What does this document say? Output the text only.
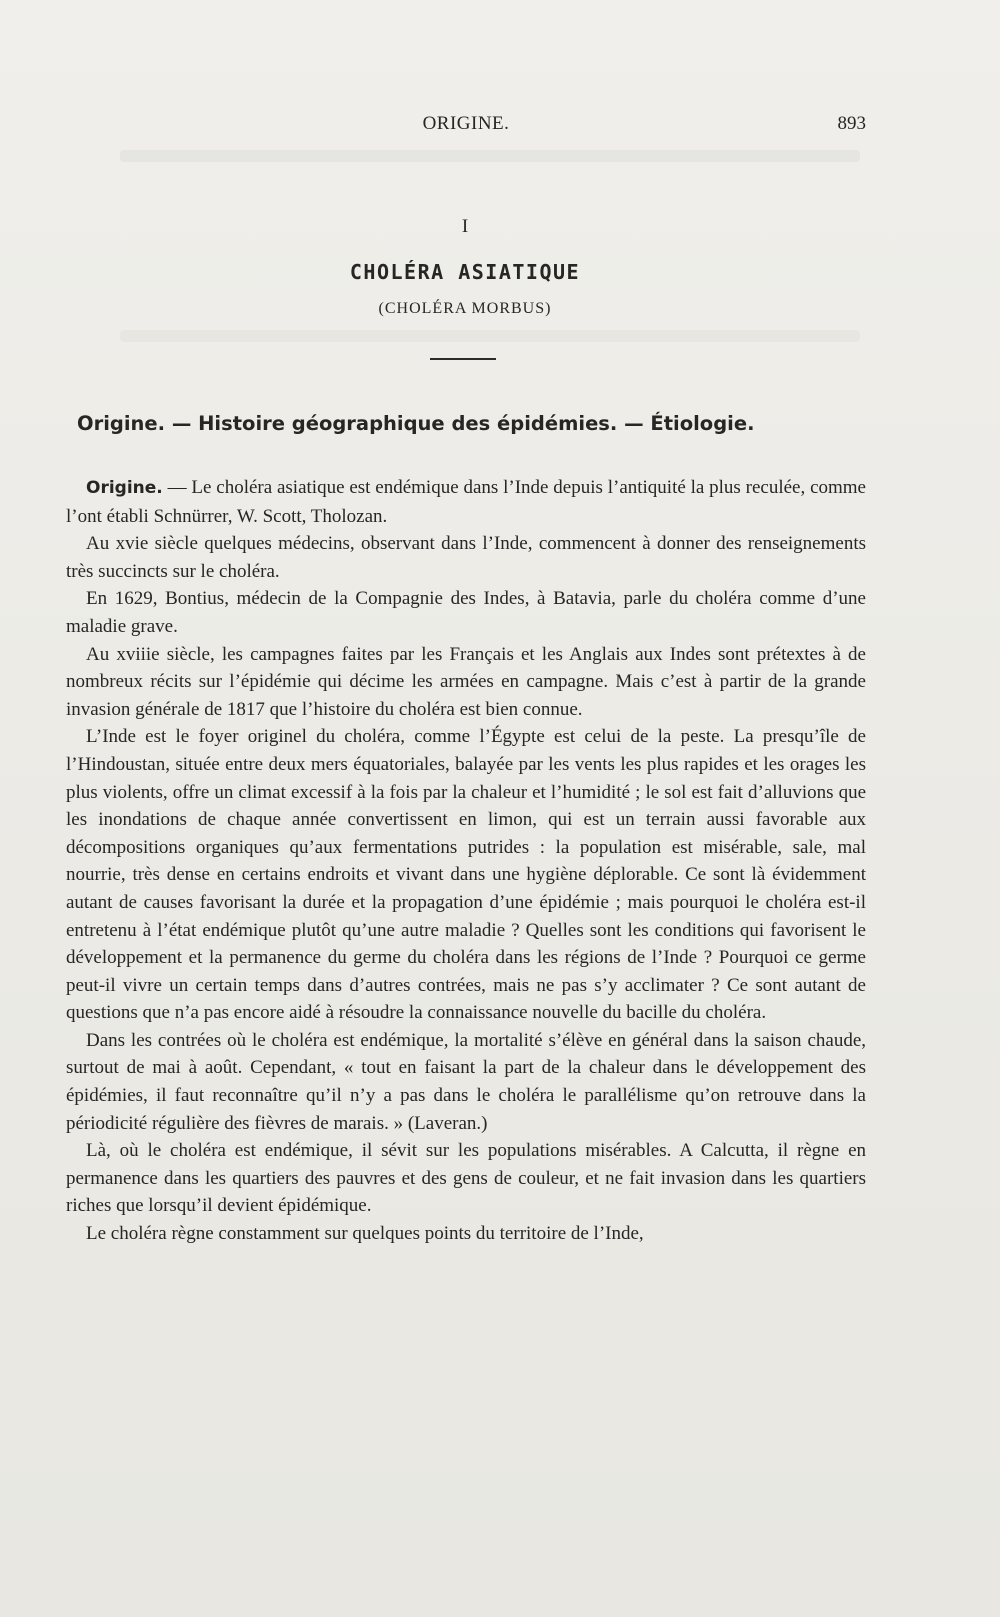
ORIGINE.	893
I
CHOLÉRA ASIATIQUE
(CHOLÉRA MORBUS)
Origine. — Histoire géographique des épidémies. — Étiologie.

Origine. — Le choléra asiatique est endémique dans l’Inde depuis l’antiquité la plus reculée, comme l’ont établi Schnürrer, W. Scott, Tholozan.

Au xvie siècle quelques médecins, observant dans l’Inde, commencent à donner des renseignements très succincts sur le choléra.

En 1629, Bontius, médecin de la Compagnie des Indes, à Batavia, parle du choléra comme d’une maladie grave.

Au xviiie siècle, les campagnes faites par les Français et les Anglais aux Indes sont prétextes à de nombreux récits sur l’épidémie qui décime les armées en campagne. Mais c’est à partir de la grande invasion générale de 1817 que l’histoire du choléra est bien connue.

L’Inde est le foyer originel du choléra, comme l’Égypte est celui de la peste. La presqu’île de l’Hindoustan, située entre deux mers équatoriales, balayée par les vents les plus rapides et les orages les plus violents, offre un climat excessif à la fois par la chaleur et l’humidité ; le sol est fait d’alluvions que les inondations de chaque année convertissent en limon, qui est un terrain aussi favorable aux décompositions organiques qu’aux fermentations putrides : la population est misérable, sale, mal nourrie, très dense en certains endroits et vivant dans une hygiène déplorable. Ce sont là évidemment autant de causes favorisant la durée et la propagation d’une épidémie ; mais pourquoi le choléra est-il entretenu à l’état endémique plutôt qu’une autre maladie ? Quelles sont les conditions qui favorisent le développement et la permanence du germe du choléra dans les régions de l’Inde ? Pourquoi ce germe peut-il vivre un certain temps dans d’autres contrées, mais ne pas s’y acclimater ? Ce sont autant de questions que n’a pas encore aidé à résoudre la connaissance nouvelle du bacille du choléra.

Dans les contrées où le choléra est endémique, la mortalité s’élève en général dans la saison chaude, surtout de mai à août. Cependant, « tout en faisant la part de la chaleur dans le développement des épidémies, il faut reconnaître qu’il n’y a pas dans le choléra le parallélisme qu’on retrouve dans la périodicité régulière des fièvres de marais. » (Laveran.)

Là, où le choléra est endémique, il sévit sur les populations misérables. A Calcutta, il règne en permanence dans les quartiers des pauvres et des gens de couleur, et ne fait invasion dans les quartiers riches que lorsqu’il devient épidémique.

Le choléra règne constamment sur quelques points du territoire de l’Inde,
